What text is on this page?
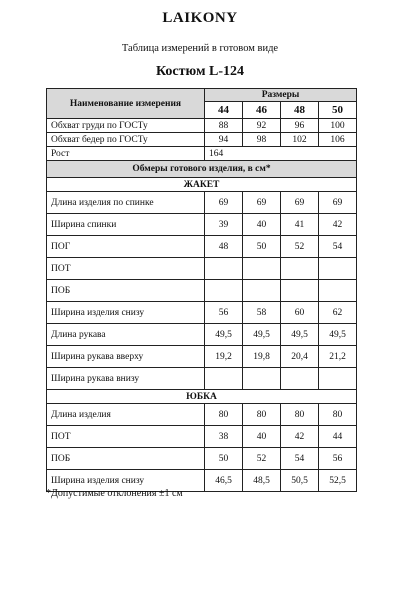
LAIKONY
Таблица измерений в готовом виде
Костюм L-124
Наименование измерения	Размеры			
	44	46	48	50
Обхват груди по ГОСТу	88	92	96	100
Обхват бедер по ГОСТу	94	98	102	106
Рост	164			
Обмеры готового изделия, в см*				
ЖАКЕТ				
Длина изделия по спинке	69	69	69	69
Ширина спинки	39	40	41	42
ПОГ	48	50	52	54
ПОТ				
ПОБ				
Ширина изделия снизу	56	58	60	62
Длина рукава	49,5	49,5	49,5	49,5
Ширина рукава вверху	19,2	19,8	20,4	21,2
Ширина рукава внизу				
ЮБКА				
Длина изделия	80	80	80	80
ПОТ	38	40	42	44
ПОБ	50	52	54	56
Ширина изделия снизу	46,5	48,5	50,5	52,5
*Допустимые отклонения ±1 см
